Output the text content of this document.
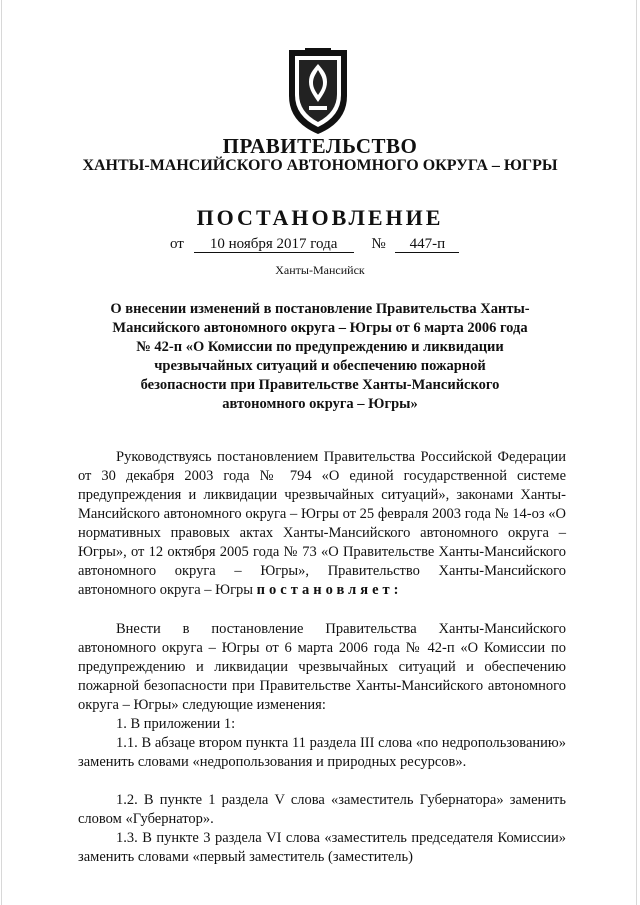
ПРАВИТЕЛЬСТВО
ХАНТЫ-МАНСИЙСКОГО АВТОНОМНОГО ОКРУГА – ЮГРЫ
ПОСТАНОВЛЕНИЕ
от 10 ноября 2017 года № 447-п
Ханты-Мансийск
О внесении изменений в постановление Правительства Ханты-Мансийского автономного округа – Югры от 6 марта 2006 года № 42-п «О Комиссии по предупреждению и ликвидации чрезвычайных ситуаций и обеспечению пожарной безопасности при Правительстве Ханты-Мансийского автономного округа – Югры»
Руководствуясь постановлением Правительства Российской Федерации от 30 декабря 2003 года № 794 «О единой государственной системе предупреждения и ликвидации чрезвычайных ситуаций», законами Ханты-Мансийского автономного округа – Югры от 25 февраля 2003 года № 14-оз «О нормативных правовых актах Ханты-Мансийского автономного округа – Югры», от 12 октября 2005 года № 73 «О Правительстве Ханты-Мансийского автономного округа – Югры», Правительство Ханты-Мансийского автономного округа – Югры постановляет:
Внести в постановление Правительства Ханты-Мансийского автономного округа – Югры от 6 марта 2006 года № 42-п «О Комиссии по предупреждению и ликвидации чрезвычайных ситуаций и обеспечению пожарной безопасности при Правительстве Ханты-Мансийского автономного округа – Югры» следующие изменения:
1. В приложении 1:
1.1. В абзаце втором пункта 11 раздела III слова «по недропользованию» заменить словами «недропользования и природных ресурсов».
1.2. В пункте 1 раздела V слова «заместитель Губернатора» заменить словом «Губернатор».
1.3. В пункте 3 раздела VI слова «заместитель председателя Комиссии» заменить словами «первый заместитель (заместитель)
